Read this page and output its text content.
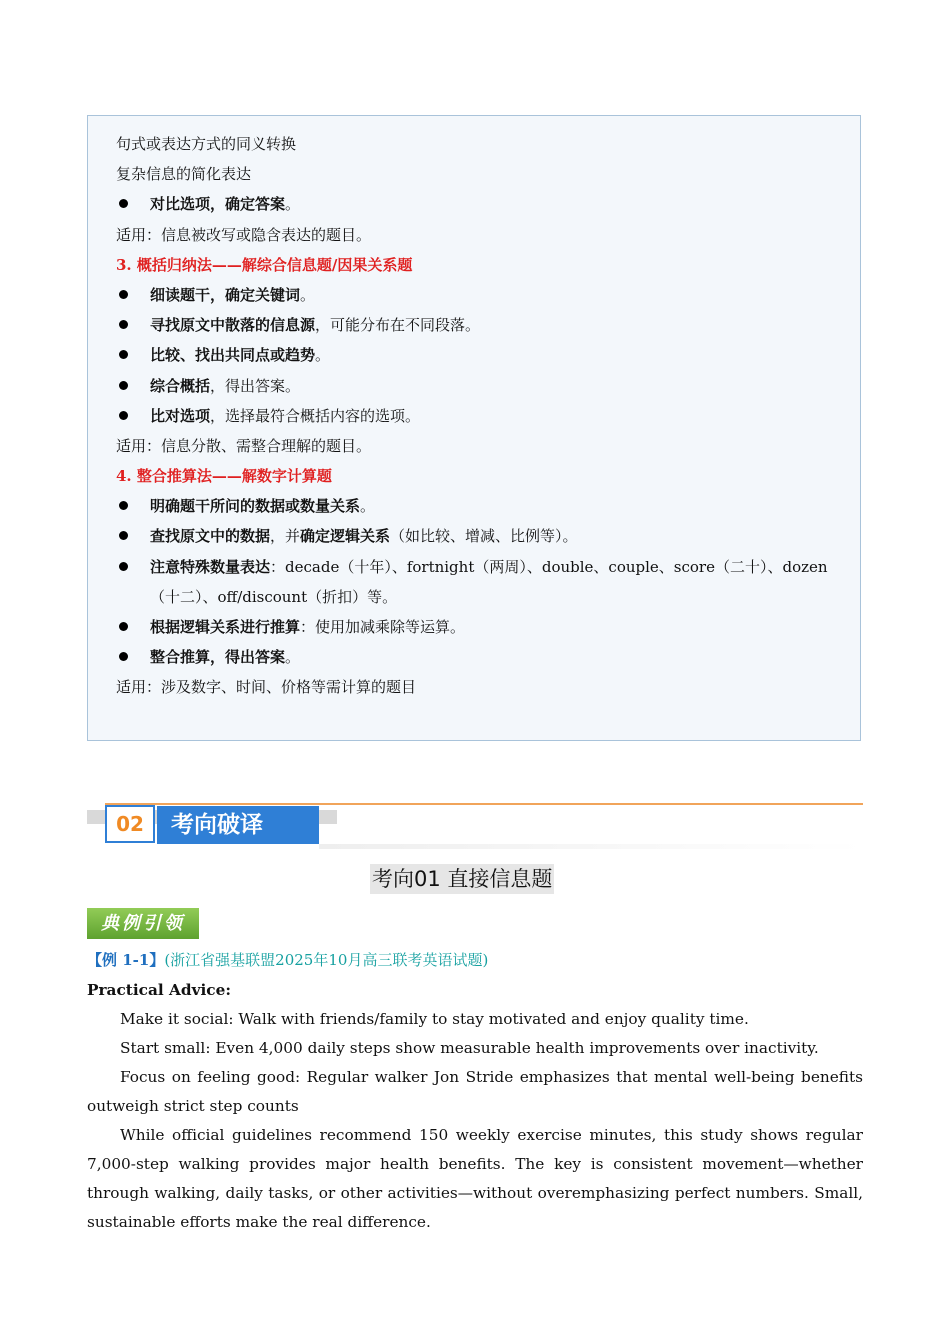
句式或表达方式的同义转换
复杂信息的简化表达
对比选项，确定答案。
适用：信息被改写或隐含表达的题目。
3. 概括归纳法——解综合信息题/因果关系题
细读题干，确定关键词。
寻找原文中散落的信息源，可能分布在不同段落。
比较、找出共同点或趋势。
综合概括，得出答案。
比对选项，选择最符合概括内容的选项。
适用：信息分散、需整合理解的题目。
4. 整合推算法——解数字计算题
明确题干所问的数据或数量关系。
查找原文中的数据，并确定逻辑关系（如比较、增减、比例等）。
注意特殊数量表达：decade（十年）、fortnight（两周）、double、couple、score（二十）、dozen（十二）、off/discount（折扣）等。
根据逻辑关系进行推算：使用加减乘除等运算。
整合推算，得出答案。
适用：涉及数字、时间、价格等需计算的题目
考向破译
02
考向01 直接信息题
典例引领
【例 1-1】(浙江省强基联盟2025年10月高三联考英语试题)

Practical Advice:

Make it social: Walk with friends/family to stay motivated and enjoy quality time.

Start small: Even 4,000 daily steps show measurable health improvements over inactivity.

Focus on feeling good: Regular walker Jon Stride emphasizes that mental well-being benefits outweigh strict step counts

While official guidelines recommend 150 weekly exercise minutes, this study shows regular 7,000-step walking provides major health benefits. The key is consistent movement—whether through walking, daily tasks, or other activities—without overemphasizing perfect numbers. Small, sustainable efforts make the real difference.
